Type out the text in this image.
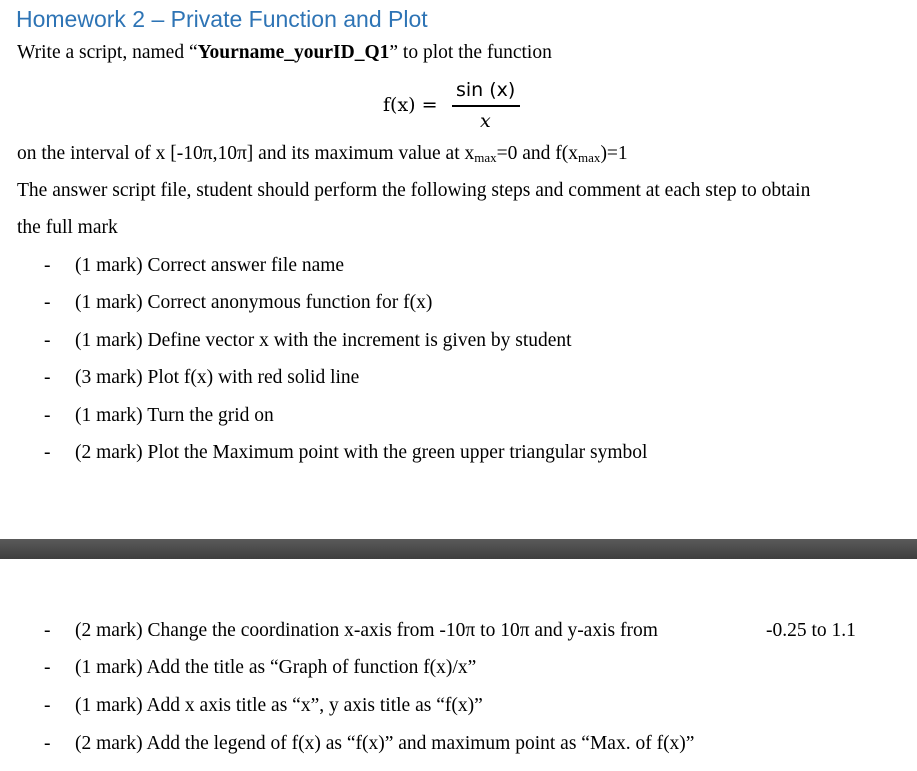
Homework 2 – Private Function and Plot
Write a script, named “Yourname_yourID_Q1” to plot the function
f(x) =
sin (x)
x
on the interval of x [-10π,10π] and its maximum value at $x_{max}=0$ and $f(x_{max})=1$
The answer script file, student should perform the following steps and comment at each step to obtain
the full mark
- (1 mark) Correct answer file name
- (1 mark) Correct anonymous function for f(x)
- (1 mark) Define vector x with the increment is given by student
- (3 mark) Plot f(x) with red solid line
- (1 mark) Turn the grid on
- (2 mark) Plot the Maximum point with the green upper triangular symbol
- (2 mark) Change the coordination x-axis from -10π to 10π and y-axis from	-0.25 to 1.1
- (1 mark) Add the title as “Graph of function f(x)/x”
- (1 mark) Add x axis title as “x”, y axis title as “f(x)”
- (2 mark) Add the legend of f(x) as “f(x)” and maximum point as “Max. of f(x)”
